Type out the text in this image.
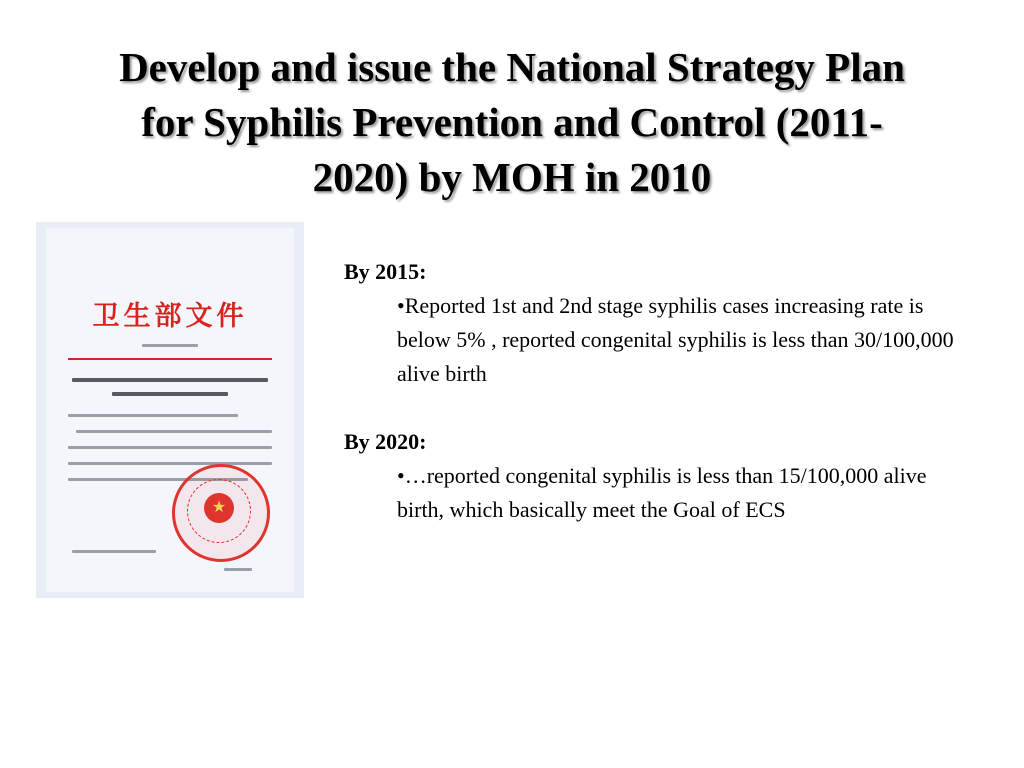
Develop and issue the National Strategy Plan
for Syphilis Prevention and Control (2011-
2020) by MOH in 2010
卫生部文件
★
By 2015:
•Reported 1st and 2nd stage syphilis cases increasing rate is below 5% , reported congenital syphilis is less than 30/100,000 alive birth
By 2020:
•…reported congenital syphilis is less than 15/100,000 alive birth, which basically meet the Goal of ECS
